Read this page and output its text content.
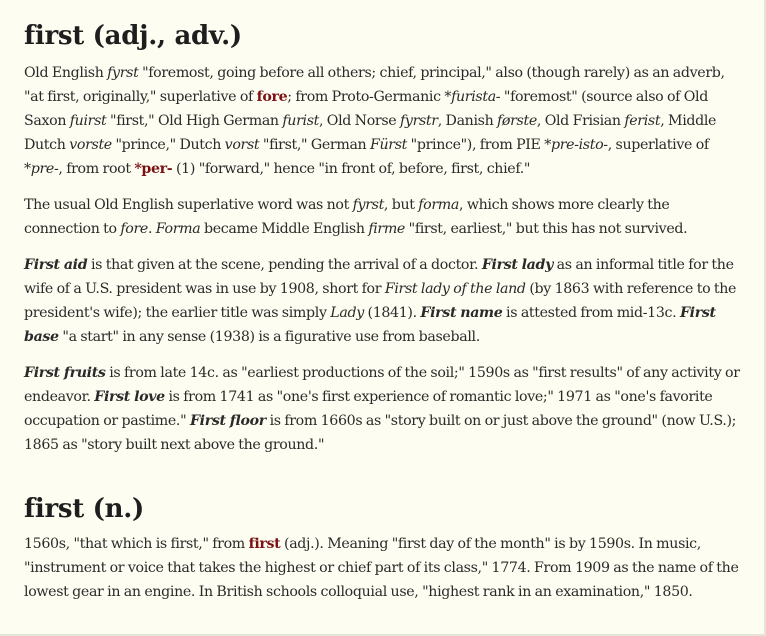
first (adj., adv.)

Old English fyrst "foremost, going before all others; chief, principal," also (though rarely) as an adverb, "at first, originally," superlative of fore; from Proto-Germanic *furista- "foremost" (source also of Old Saxon fuirst "first," Old High German furist, Old Norse fyrstr, Danish første, Old Frisian ferist, Middle Dutch vorste "prince," Dutch vorst "first," German Fürst "prince"), from PIE *pre-isto-, superlative of *pre-, from root *per- (1) "forward," hence "in front of, before, first, chief."

The usual Old English superlative word was not fyrst, but forma, which shows more clearly the connection to fore. Forma became Middle English firme "first, earliest," but this has not survived.

First aid is that given at the scene, pending the arrival of a doctor. First lady as an informal title for the wife of a U.S. president was in use by 1908, short for First lady of the land (by 1863 with reference to the president's wife); the earlier title was simply Lady (1841). First name is attested from mid-13c. First base "a start" in any sense (1938) is a figurative use from baseball.

First fruits is from late 14c. as "earliest productions of the soil;" 1590s as "first results" of any activity or endeavor. First love is from 1741 as "one's first experience of romantic love;" 1971 as "one's favorite occupation or pastime." First floor is from 1660s as "story built on or just above the ground" (now U.S.); 1865 as "story built next above the ground."

first (n.)

1560s, "that which is first," from first (adj.). Meaning "first day of the month" is by 1590s. In music, "instrument or voice that takes the highest or chief part of its class," 1774. From 1909 as the name of the lowest gear in an engine. In British schools colloquial use, "highest rank in an examination," 1850.
